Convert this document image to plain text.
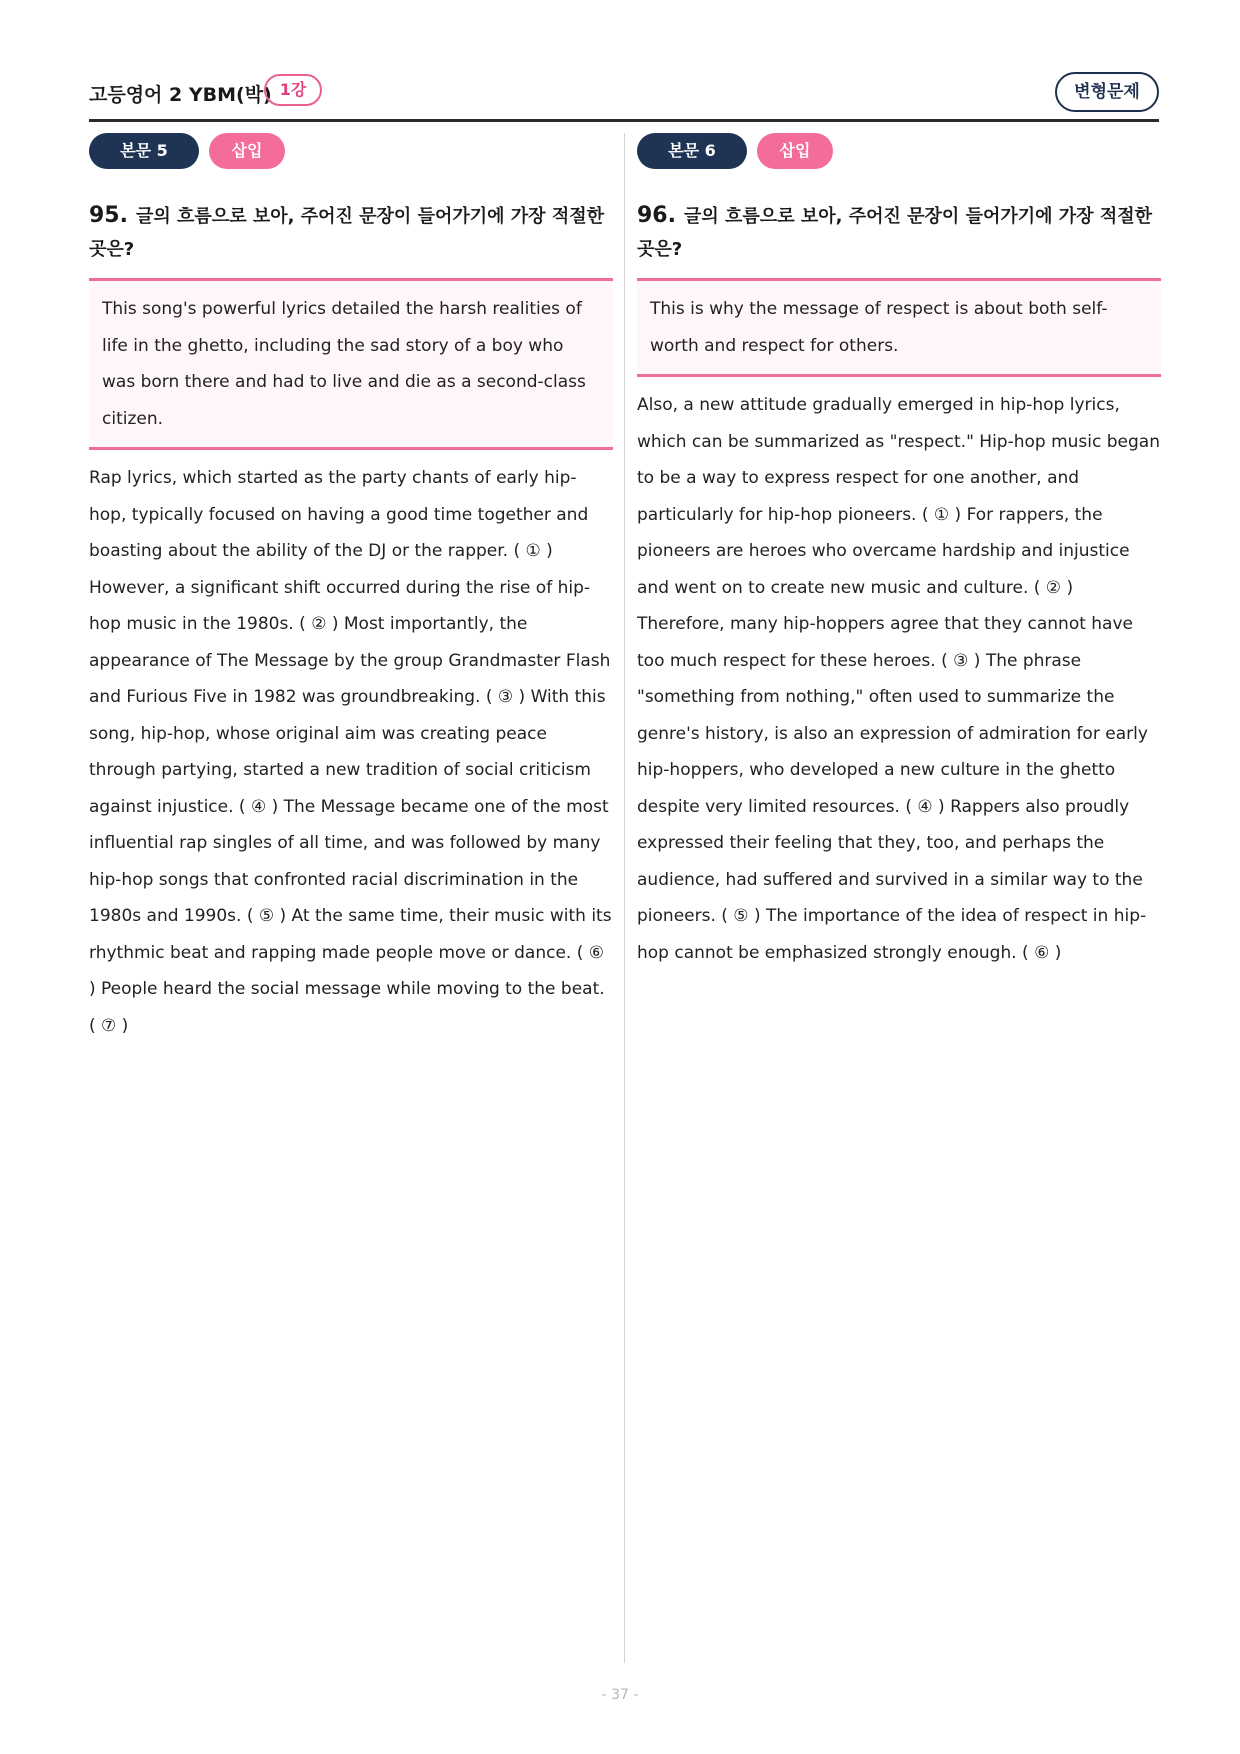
고등영어 2 YBM(박) 1강	변형문제
본문 5	삽입
95. 글의 흐름으로 보아, 주어진 문장이 들어가기에 가장 적절한 곳은?
This song's powerful lyrics detailed the harsh realities of life in the ghetto, including the sad story of a boy who was born there and had to live and die as a second-class citizen.
Rap lyrics, which started as the party chants of early hip-hop, typically focused on having a good time together and boasting about the ability of the DJ or the rapper. ( ① ) However, a significant shift occurred during the rise of hip-hop music in the 1980s. ( ② ) Most importantly, the appearance of The Message by the group Grandmaster Flash and Furious Five in 1982 was groundbreaking. ( ③ ) With this song, hip-hop, whose original aim was creating peace through partying, started a new tradition of social criticism against injustice. ( ④ ) The Message became one of the most influential rap singles of all time, and was followed by many hip-hop songs that confronted racial discrimination in the 1980s and 1990s. ( ⑤ ) At the same time, their music with its rhythmic beat and rapping made people move or dance. ( ⑥ ) People heard the social message while moving to the beat. ( ⑦ )
본문 6	삽입
96. 글의 흐름으로 보아, 주어진 문장이 들어가기에 가장 적절한 곳은?
This is why the message of respect is about both self-worth and respect for others.
Also, a new attitude gradually emerged in hip-hop lyrics, which can be summarized as "respect." Hip-hop music began to be a way to express respect for one another, and particularly for hip-hop pioneers. ( ① ) For rappers, the pioneers are heroes who overcame hardship and injustice and went on to create new music and culture. ( ② ) Therefore, many hip-hoppers agree that they cannot have too much respect for these heroes. ( ③ ) The phrase "something from nothing," often used to summarize the genre's history, is also an expression of admiration for early hip-hoppers, who developed a new culture in the ghetto despite very limited resources. ( ④ ) Rappers also proudly expressed their feeling that they, too, and perhaps the audience, had suffered and survived in a similar way to the pioneers. ( ⑤ ) The importance of the idea of respect in hip-hop cannot be emphasized strongly enough. ( ⑥ )
- 37 -
